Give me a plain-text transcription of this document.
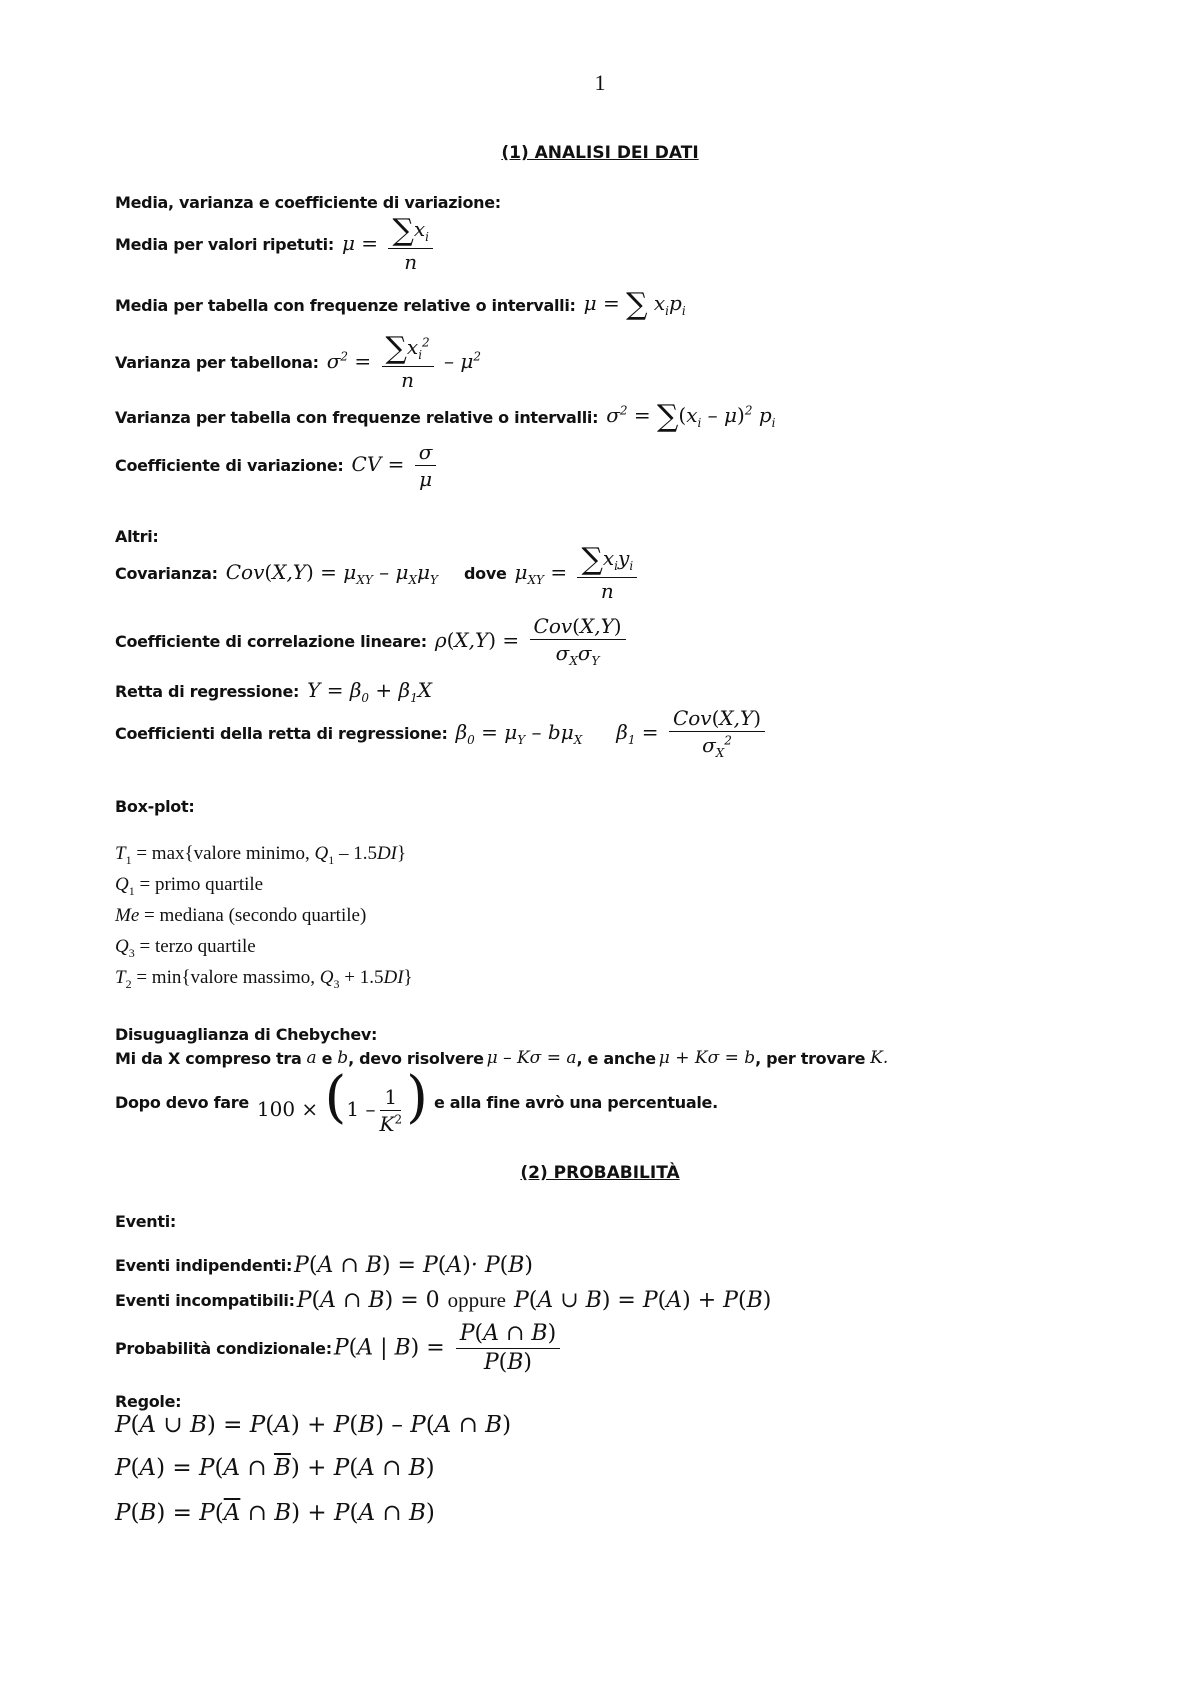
1
(1) ANALISI DEI DATI
Media, varianza e coefficiente di variazione:
Media per valori ripetuti: $\mu = \frac{\sum x_i}{n}$
Media per tabella con frequenze relative o intervalli: μ = ∑ $x_ip_i$
Varianza per tabellona: $\sigma^2 = \frac{\sum x_i^2}{n} - \mu^2$
Varianza per tabella con frequenze relative o intervalli: $\sigma^2 = \sum(x_i - \mu)^2$ $p_i$
Coefficiente di variazione: CV = $\frac{\sigma}{\mu}$
Altri:
Covarianza: $Cov(X,Y) = \mu_{XY} - \mu_X\mu_Y$ dove $\mu_{XY} = \frac{\sum x_iy_i}{n}$
Coefficiente di correlazione lineare: $\rho(X,Y) = \frac{\text{Cov(X,Y)}}{\sigma_X\sigma_Y}$
Retta di regressione: $Y = \beta_0 + \beta_1X$
Coefficienti della retta di regressione: $\beta_0 = \mu_Y - b\mu_X$ $\beta_1 = \frac{\text{Cov(X,Y)}}{\sigma_X^2}$
Box-plot:
$T_1$ = max{valore minimo, $Q_1 - 1.5DI$}
$Q_1$ = primo quartile
Me = mediana (secondo quartile)
$Q_3$ = terzo quartile
$T_2$ = min{valore massimo, $Q_3 + 1.5DI$}
Disuguaglianza di Chebychev:
Mi da X compreso tra a e b , devo risolvere μ – Kσ = a , e anche μ + Kσ = b , per trovare K.
Dopo devo fare $100 \times (1 - \frac{1}{K^2}$ ) e alla fine avrò una percentuale.
(2) PROBABILITÀ
Eventi:
Eventi indipendenti: P(A ∩ B) = P(A)· P(B)
Eventi incompatibili: P(A ∩ B) = 0 oppure P(A ∪ B) = P(A) + P(B)
Probabilità condizionale: P(A | $B) = \frac{P(A \cap B)}{P(B)}$
Regole:
P(A ∪ B) = P(A) + P(B) – P(A ∩ B)
P(A) = P(A ∩ $\overline{B}) + P(A$ ∩ B)
$P(B) = P(\overline{A}$ ∩ B) + P(A ∩ B)
